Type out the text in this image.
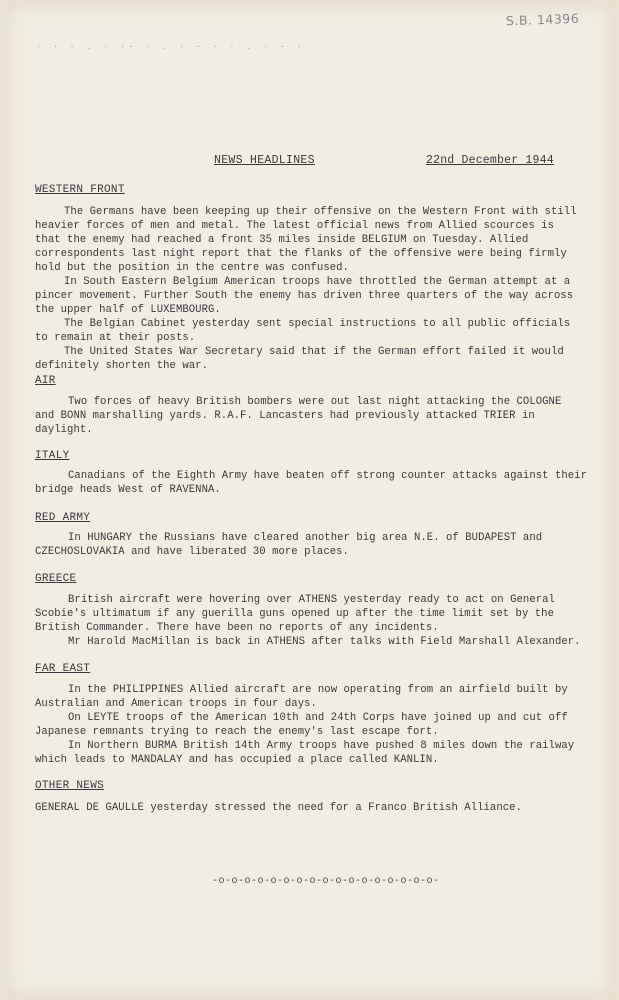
S.B. 14396
· · - . · ·- · . · - · · . · - ·
NEWS HEADLINES	22nd December 1944
WESTERN FRONT
The Germans have been keeping up their offensive on the Western Front with still
heavier forces of men and metal. The latest official news from Allied scources is
that the enemy had reached a front 35 miles inside BELGIUM on Tuesday. Allied
correspondents last night report that the flanks of the offensive were being firmly
hold but the position in the centre was confused.
In South Eastern Belgium American troops have throttled the German attempt at a
pincer movement. Further South the enemy has driven three quarters of the way across
the upper half of LUXEMBOURG.
The Belgian Cabinet yesterday sent special instructions to all public officials
to remain at their posts.
The United States War Secretary said that if the German effort failed it would
definitely shorten the war.
AIR
Two forces of heavy British bombers were out last night attacking the COLOGNE
and BONN marshalling yards. R.A.F. Lancasters had previously attacked TRIER in
daylight.
ITALY
Canadians of the Eighth Army have beaten off strong counter attacks against their
bridge heads West of RAVENNA.
RED ARMY
In HUNGARY the Russians have cleared another big area N.E. of BUDAPEST and
CZECHOSLOVAKIA and have liberated 30 more places.
GREECE
British aircraft were hovering over ATHENS yesterday ready to act on General
Scobie's ultimatum if any guerilla guns opened up after the time limit set by the
British Commander. There have been no reports of any incidents.
Mr Harold MacMillan is back in ATHENS after talks with Field Marshall Alexander.
FAR EAST
In the PHILIPPINES Allied aircraft are now operating from an airfield built by
Australian and American troops in four days.
On LEYTE troops of the American 10th and 24th Corps have joined up and cut off
Japanese remnants trying to reach the enemy's last escape fort.
In Northern BURMA British 14th Army troops have pushed 8 miles down the railway
which leads to MANDALAY and has occupied a place called KANLIN.
OTHER NEWS
GENERAL DE GAULLE yesterday stressed the need for a Franco British Alliance.
-o-o-o-o-o-o-o-o-o-o-o-o-o-o-o-o-o-
